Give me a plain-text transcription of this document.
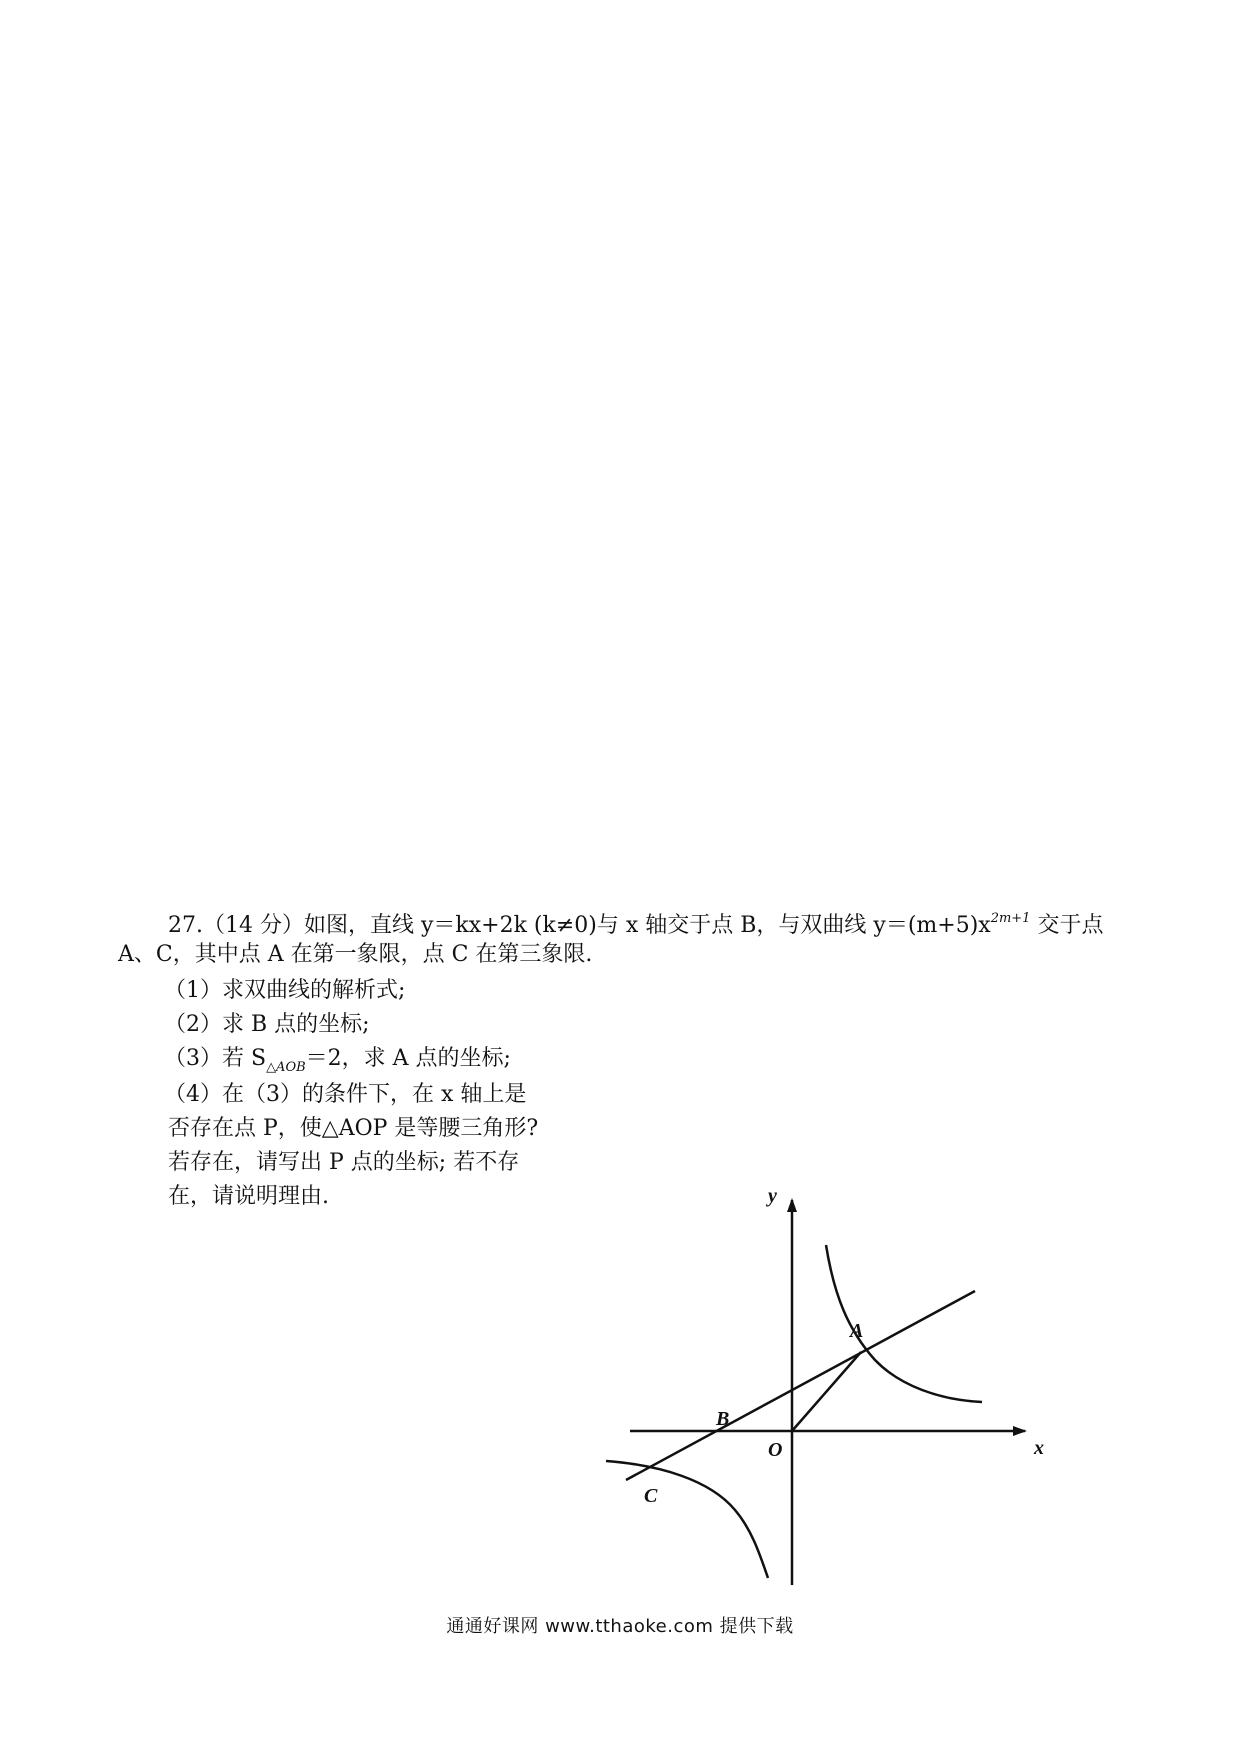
27.（14 分）如图，直线 y＝kx+2k (k≠0)与 x 轴交于点 B，与双曲线 $y=(m+5)x^{2m+1}$ 交于点
A、C，其中点 A 在第一象限，点 C 在第三象限.
（1）求双曲线的解析式;
（2）求 B 点的坐标;
（3）若 $S_{\triangle AOB}=2$，求 A 点的坐标;
（4）在（3）的条件下，在 x 轴上是
否存在点 P，使△AOP 是等腰三角形?
若存在，请写出 P 点的坐标; 若不存
在，请说明理由.	y
x
O
A
B
C
通通好课网 www.tthaoke.com 提供下载
